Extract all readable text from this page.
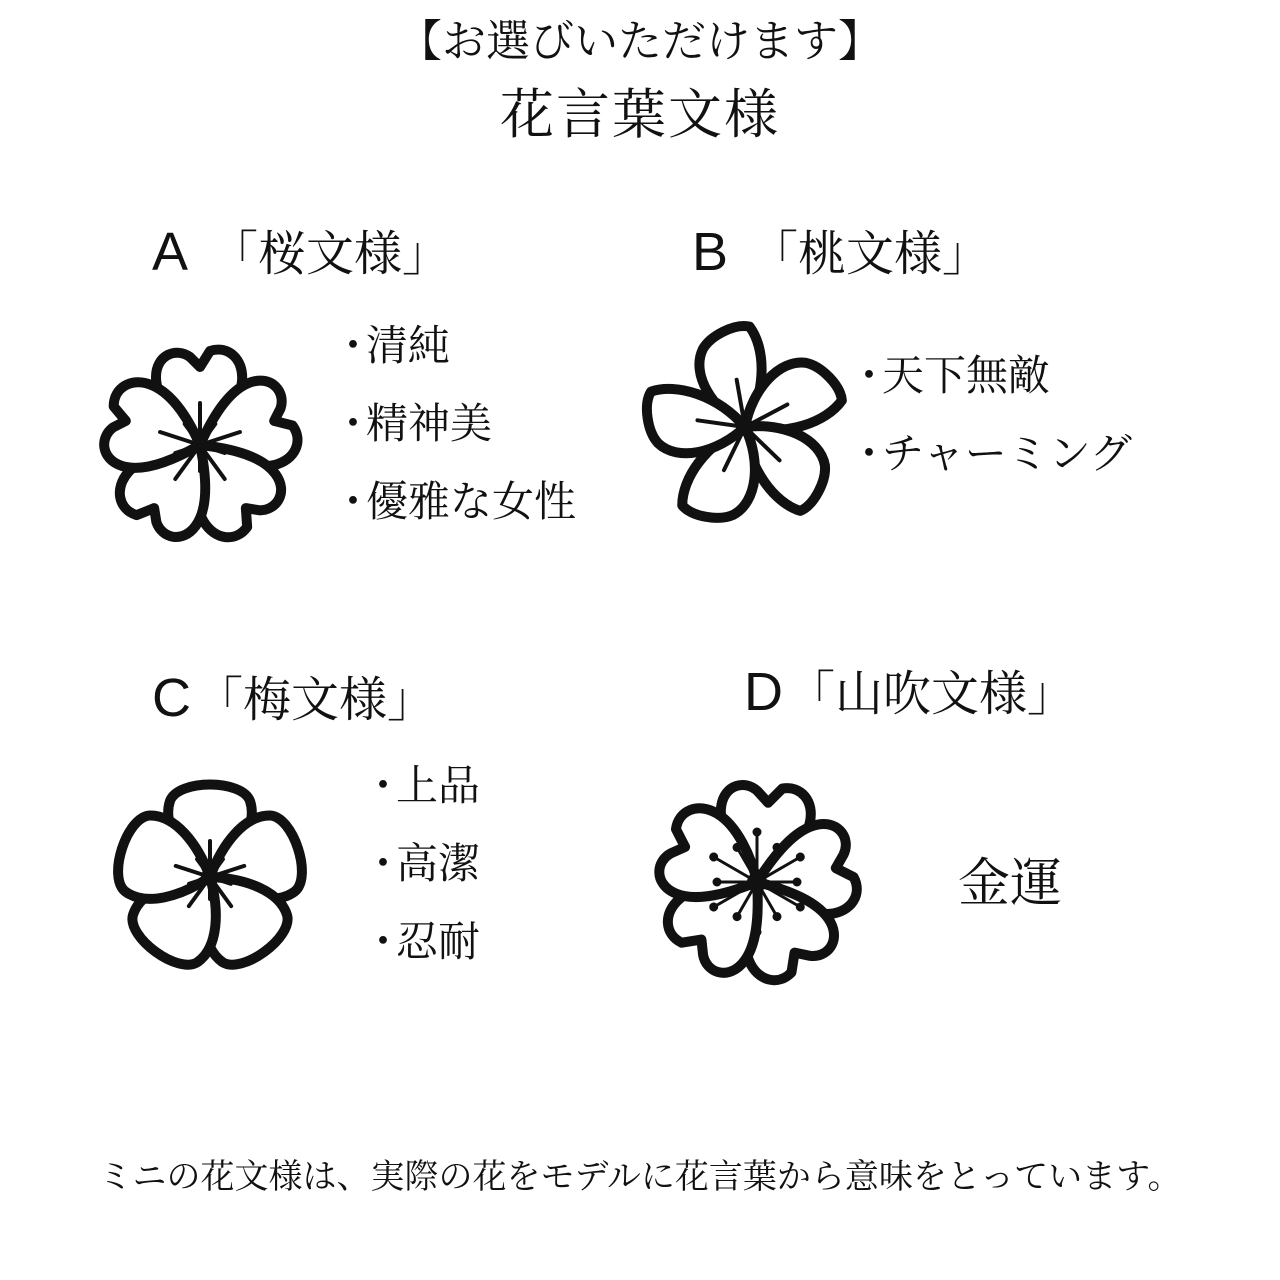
【お選びいただけます】
花言葉文様
A 「桜文様」
・清純
・精神美
・優雅な女性
B 「桃文様」
・天下無敵
・チャーミング
C「梅文様」
・上品
・高潔
・忍耐
D「山吹文様」
金運
ミニの花文様は、実際の花をモデルに花言葉から意味をとっています。
